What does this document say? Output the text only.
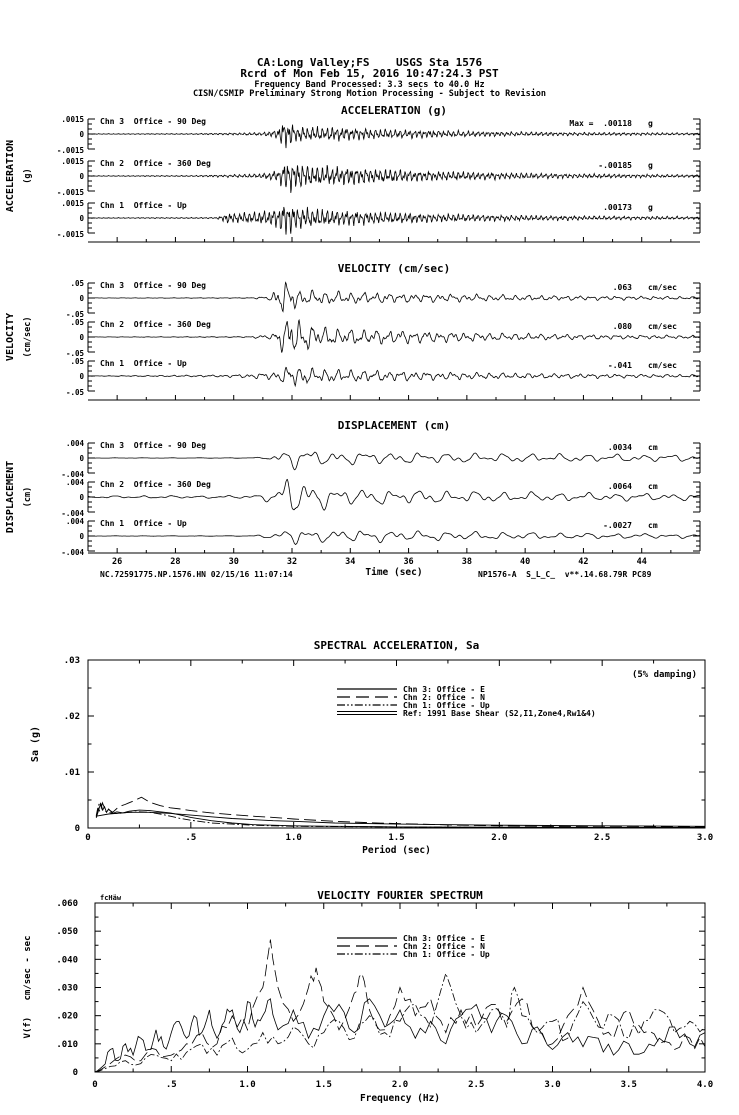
CA:Long Valley;FS    USGS Sta 1576
Rcrd of Mon Feb 15, 2016 10:47:24.3 PST
Frequency Band Processed: 3.3 secs to 40.0 Hz
CISN/CSMIP Preliminary Strong Motion Processing - Subject to Revision
ACCELERATION (g)
VELOCITY (cm/sec)
DISPLACEMENT (cm)
ACCELERATION (g)
.0015
0
-.0015
Chn 3  Office - 90 Deg	Max =  .00118 g
.0015
0
-.0015
Chn 2  Office - 360 Deg	-.00185 g
.0015
0
-.0015
Chn 1  Office - Up	.00173 g
VELOCITY (cm/sec)
.05
0
-.05
Chn 3  Office - 90 Deg	.063 cm/sec
.05
0
-.05
Chn 2  Office - 360 Deg	.080 cm/sec
.05
0
-.05
Chn 1  Office - Up	-.041 cm/sec
DISPLACEMENT (cm)
.004
0
-.004
Chn 3  Office - 90 Deg	.0034 cm
.004
0
-.004
Chn 2  Office - 360 Deg	.0064 cm
.004
0
-.004
Chn 1  Office - Up	-.0027 cm
26	28	30	32	34	36	38	40	42	44
Time (sec)
NC.72591775.NP.1576.HN 02/15/16 11:07:14	NP1576-A  S_L_C_  v**.14.68.79R PC89
SPECTRAL ACCELERATION, Sa
(5% damping)
0	.5	1.0	1.5	2.0	2.5	3.0
0
.01
.02
.03
Sa (g)
Chn 3: Office - E
Chn 2: Office - N
Chn 1: Office - Up
Ref: 1991 Base Shear (S2,I1,Zone4,Rw1&4)
Period (sec)
VELOCITY FOURIER SPECTRUM
0	.5	1.0	1.5	2.0	2.5	3.0	3.5	4.0
0
.010
.020
.030
.040
.050
.060
fcHäw
V(f)   cm/sec - sec	Chn 3: Office - E
Chn 2: Office - N
Chn 1: Office - Up
Frequency (Hz)
